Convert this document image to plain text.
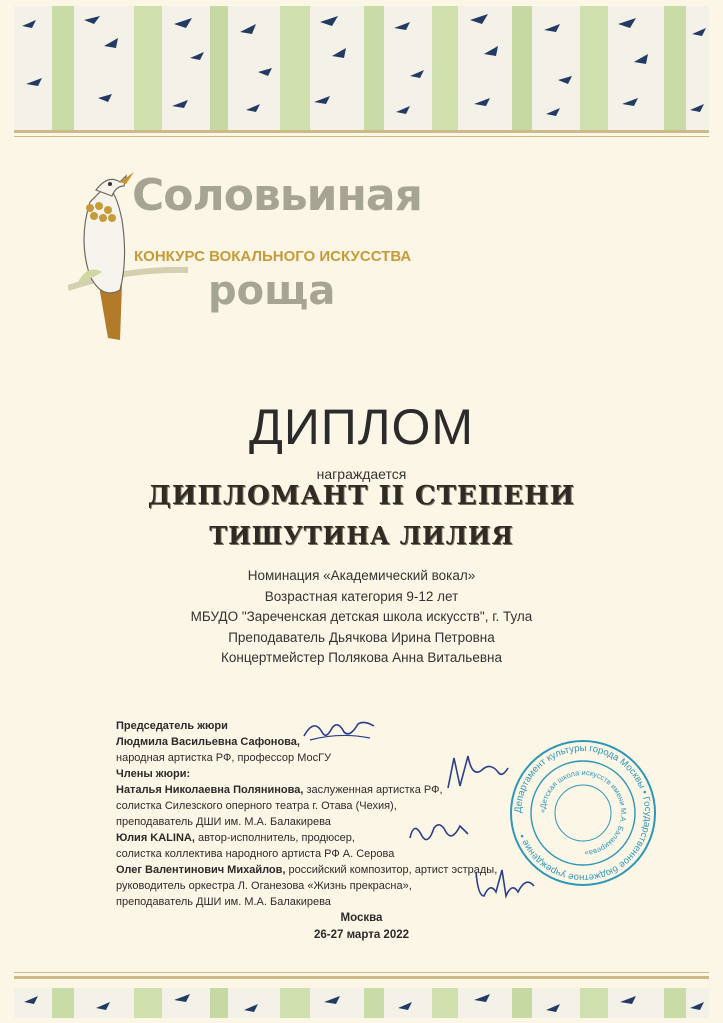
Соловьиная
КОНКУРС ВОКАЛЬНОГО ИСКУССТВА
роща
ДИПЛОМ
награждается
ДИПЛОМАНТ II СТЕПЕНИ
ТИШУТИНА ЛИЛИЯ
Номинация «Академический вокал»
Возрастная категория 9-12 лет
МБУДО "Зареченская детская школа искусств", г. Тула
Преподаватель Дьячкова Ирина Петровна
Концертмейстер Полякова Анна Витальевна
Председатель жюри
Людмила Васильевна Сафонова,
народная артистка РФ, профессор МосГУ
Члены жюри:
Наталья Николаевна Полянинова, заслуженная артистка РФ,
солистка Силезского оперного театра г. Отава (Чехия),
преподаватель ДШИ им. М.А. Балакирева
Юлия KALINA, автор-исполнитель, продюсер,
солистка коллектива народного артиста РФ А. Серова
Олег Валентинович Михайлов, российский композитор, артист эстрады,
руководитель оркестра Л. Оганезова «Жизнь прекрасна»,
преподаватель ДШИ им. М.А. Балакирева
Департамент культуры города Москвы • Государственное бюджетное учреждение •
«Детская школа искусств имени М.А. Балакирева»
Москва
26-27 марта 2022
